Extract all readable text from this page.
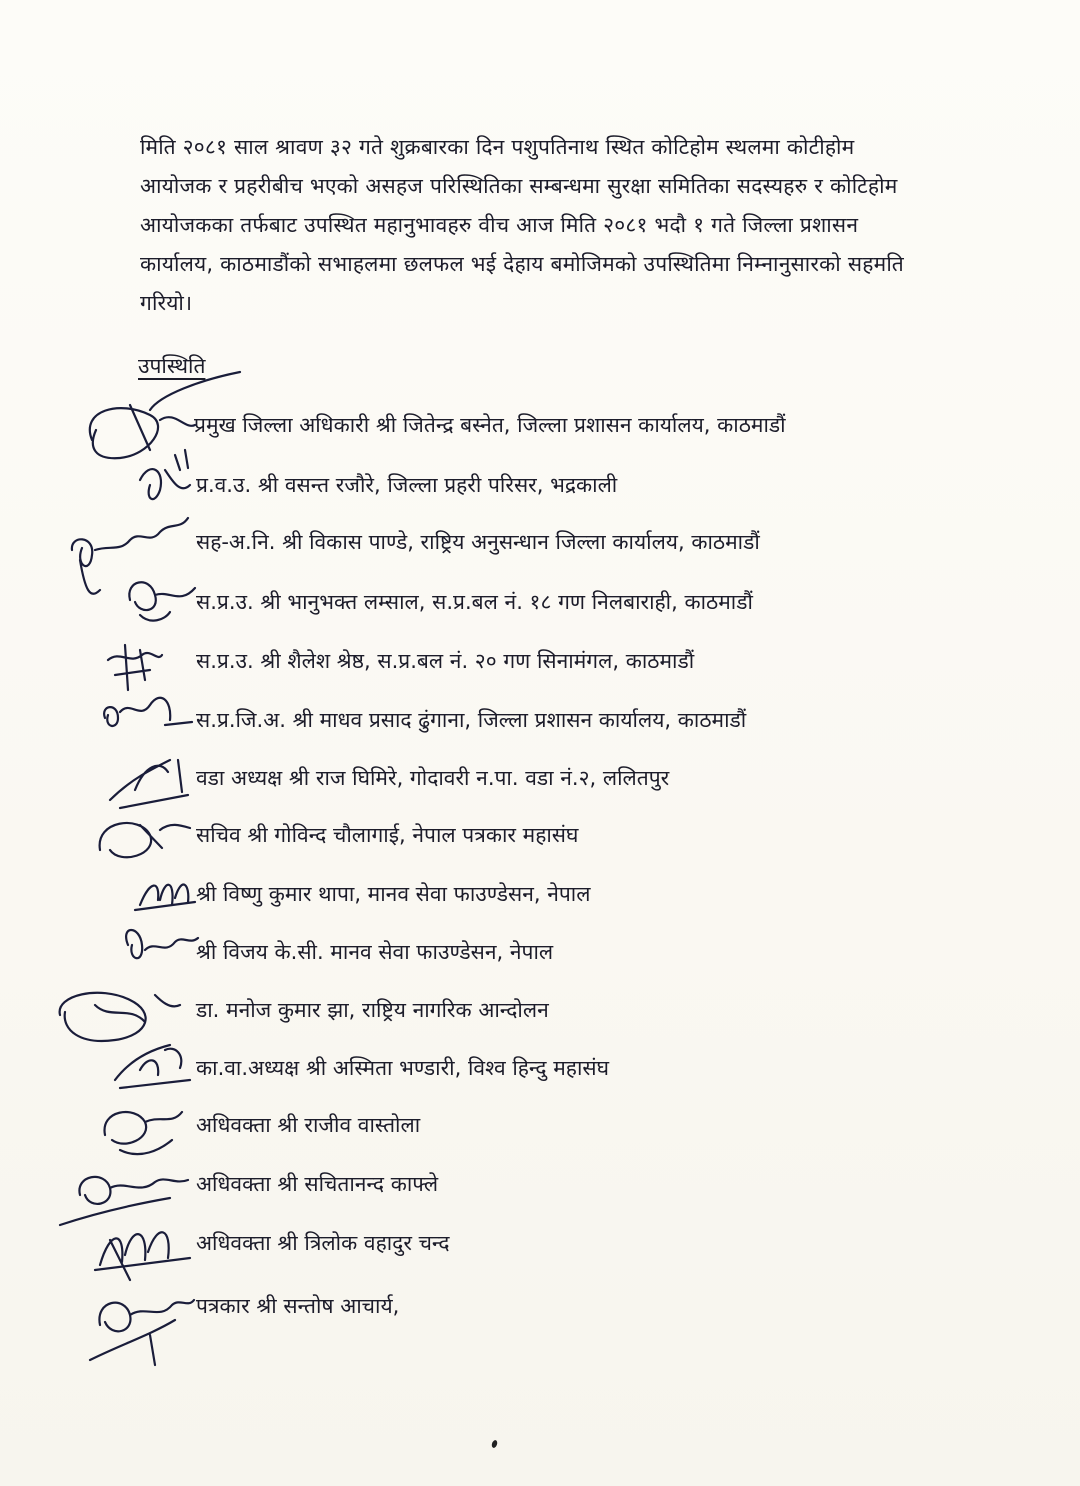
मिति २०८१ साल श्रावण ३२ गते शुक्रबारका दिन पशुपतिनाथ स्थित कोटिहोम स्थलमा कोटीहोम
आयोजक र प्रहरीबीच भएको असहज परिस्थितिका सम्बन्धमा सुरक्षा समितिका सदस्यहरु र कोटिहोम
आयोजकका तर्फबाट उपस्थित महानुभावहरु वीच आज मिति २०८१ भदौ १ गते जिल्ला प्रशासन
कार्यालय, काठमाडौंको सभाहलमा छलफल भई देहाय बमोजिमको उपस्थितिमा निम्नानुसारको सहमति
गरियो।
उपस्थिति
प्रमुख जिल्ला अधिकारी श्री जितेन्द्र बस्नेत, जिल्ला प्रशासन कार्यालय, काठमाडौं
प्र.व.उ. श्री वसन्त रजौरे, जिल्ला प्रहरी परिसर, भद्रकाली
सह-अ.नि. श्री विकास पाण्डे, राष्ट्रिय अनुसन्धान जिल्ला कार्यालय, काठमाडौं
स.प्र.उ. श्री भानुभक्त लम्साल, स.प्र.बल नं. १८ गण निलबाराही, काठमाडौं
स.प्र.उ. श्री शैलेश श्रेष्ठ, स.प्र.बल नं. २० गण सिनामंगल, काठमाडौं
स.प्र.जि.अ. श्री माधव प्रसाद ढुंगाना, जिल्ला प्रशासन कार्यालय, काठमाडौं
वडा अध्यक्ष श्री राज घिमिरे, गोदावरी न.पा. वडा नं.२, ललितपुर
सचिव श्री गोविन्द चौलागाई, नेपाल पत्रकार महासंघ
श्री विष्णु कुमार थापा, मानव सेवा फाउण्डेसन, नेपाल
श्री विजय के.सी. मानव सेवा फाउण्डेसन, नेपाल
डा. मनोज कुमार झा, राष्ट्रिय नागरिक आन्दोलन
का.वा.अध्यक्ष श्री अस्मिता भण्डारी, विश्व हिन्दु महासंघ
अधिवक्ता श्री राजीव वास्तोला
अधिवक्ता श्री सचितानन्द काफ्ले
अधिवक्ता श्री त्रिलोक वहादुर चन्द
पत्रकार श्री सन्तोष आचार्य,
